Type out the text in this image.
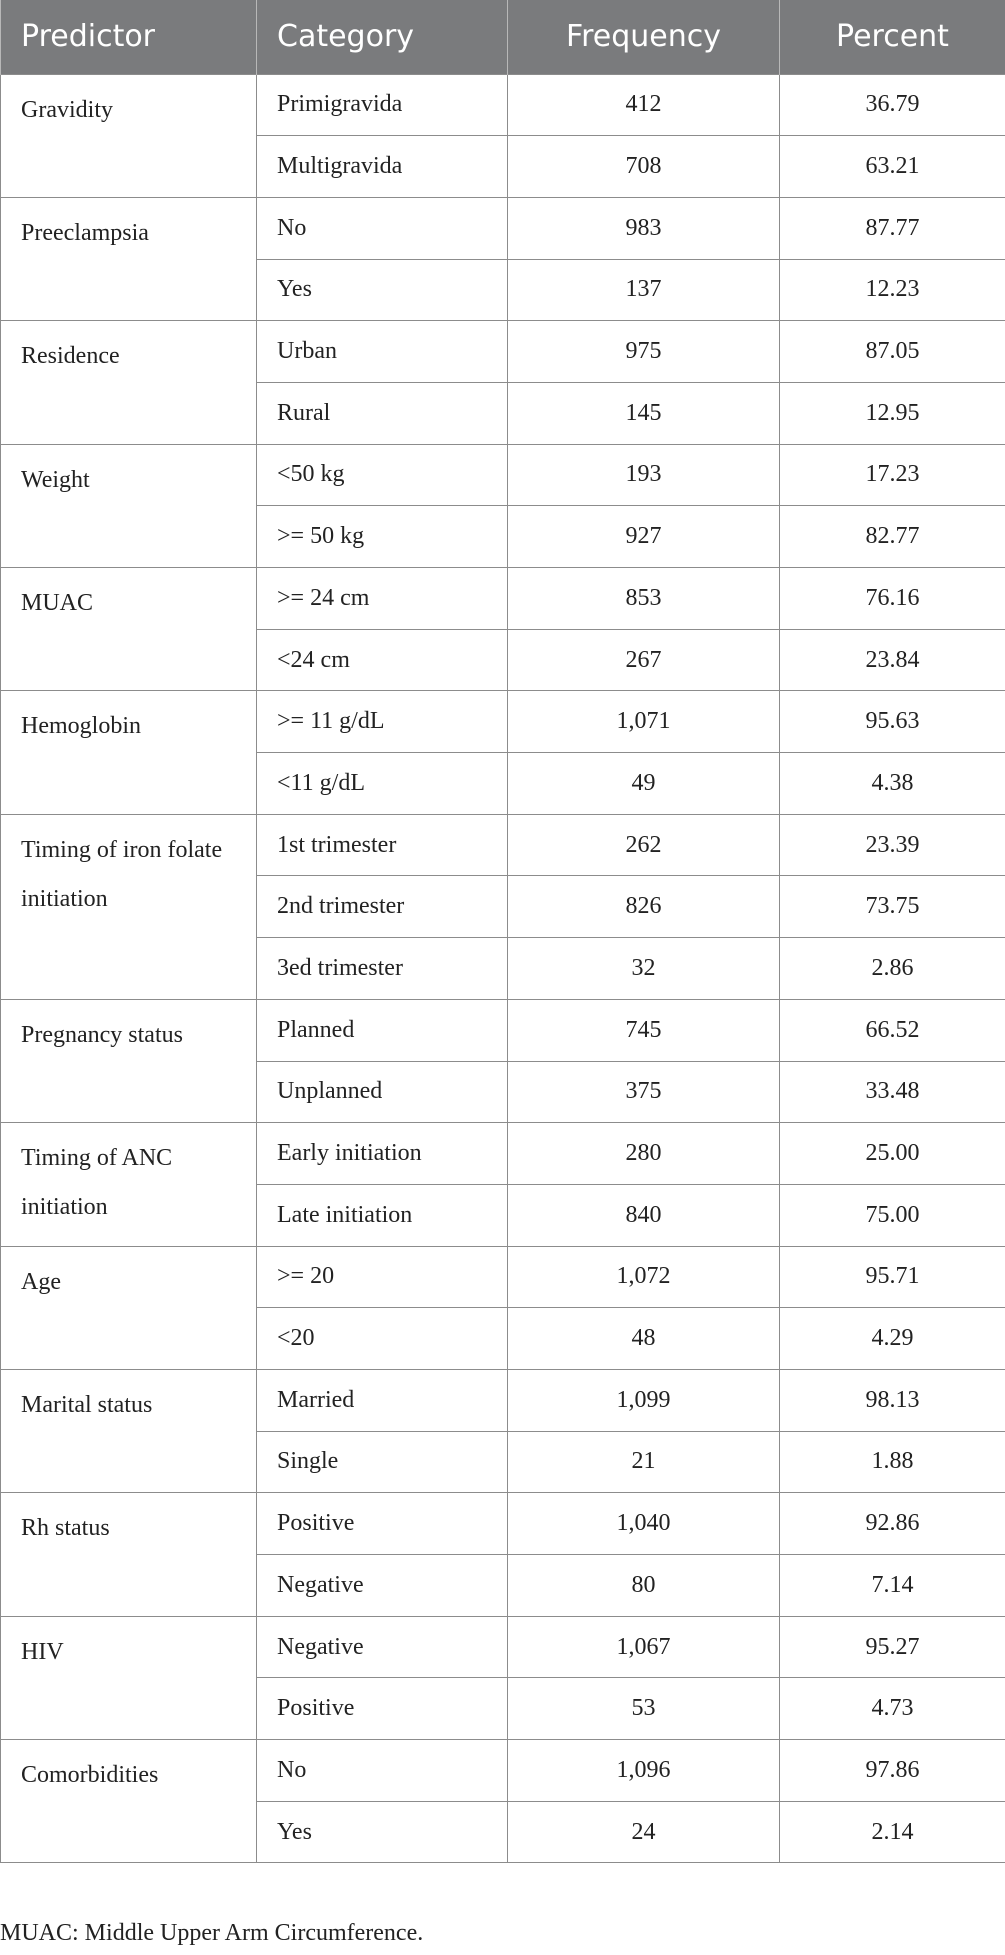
Predictor	Category	Frequency	Percent
Gravidity	Primigravida	412	36.79
	Multigravida	708	63.21
Preeclampsia	No	983	87.77
	Yes	137	12.23
Residence	Urban	975	87.05
	Rural	145	12.95
Weight	<50 kg	193	17.23
	>= 50 kg	927	82.77
MUAC	>= 24 cm	853	76.16
	<24 cm	267	23.84
Hemoglobin	>= 11 g/dL	1,071	95.63
	<11 g/dL	49	4.38
Timing of iron folate initiation	1st trimester	262	23.39
	2nd trimester	826	73.75
	3ed trimester	32	2.86
Pregnancy status	Planned	745	66.52
	Unplanned	375	33.48
Timing of ANC initiation	Early initiation	280	25.00
	Late initiation	840	75.00
Age	>= 20	1,072	95.71
	<20	48	4.29
Marital status	Married	1,099	98.13
	Single	21	1.88
Rh status	Positive	1,040	92.86
	Negative	80	7.14
HIV	Negative	1,067	95.27
	Positive	53	4.73
Comorbidities	No	1,096	97.86
	Yes	24	2.14
MUAC: Middle Upper Arm Circumference.
